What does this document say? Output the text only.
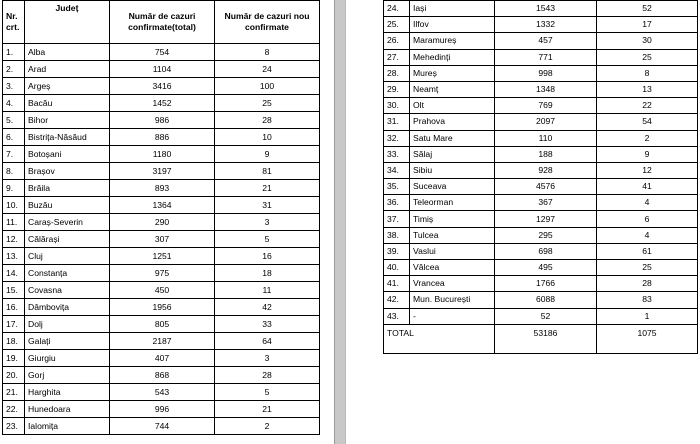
Nr. crt.	Județ	Număr de cazuri confirmate(total)	Număr de cazuri nou confirmate
1.	Alba	754	8
2.	Arad	1104	24
3.	Argeș	3416	100
4.	Bacău	1452	25
5.	Bihor	986	28
6.	Bistrița-Năsăud	886	10
7.	Botoșani	1180	9
8.	Brașov	3197	81
9.	Brăila	893	21
10.	Buzău	1364	31
11.	Caraș-Severin	290	3
12.	Călărași	307	5
13.	Cluj	1251	16
14.	Constanța	975	18
15.	Covasna	450	11
16.	Dâmbovița	1956	42
17.	Dolj	805	33
18.	Galați	2187	64
19.	Giurgiu	407	3
20.	Gorj	868	28
21.	Harghita	543	5
22.	Hunedoara	996	21
23.	Ialomița	744	2
24.	Iași	1543	52
25.	Ilfov	1332	17
26.	Maramureș	457	30
27.	Mehedinți	771	25
28.	Mureș	998	8
29.	Neamț	1348	13
30.	Olt	769	22
31.	Prahova	2097	54
32.	Satu Mare	110	2
33.	Sălaj	188	9
34.	Sibiu	928	12
35.	Suceava	4576	41
36.	Teleorman	367	4
37.	Timiș	1297	6
38.	Tulcea	295	4
39.	Vaslui	698	61
40.	Vâlcea	495	25
41.	Vrancea	1766	28
42.	Mun. București	6088	83
43.	-	52	1
TOTAL		53186	1075
